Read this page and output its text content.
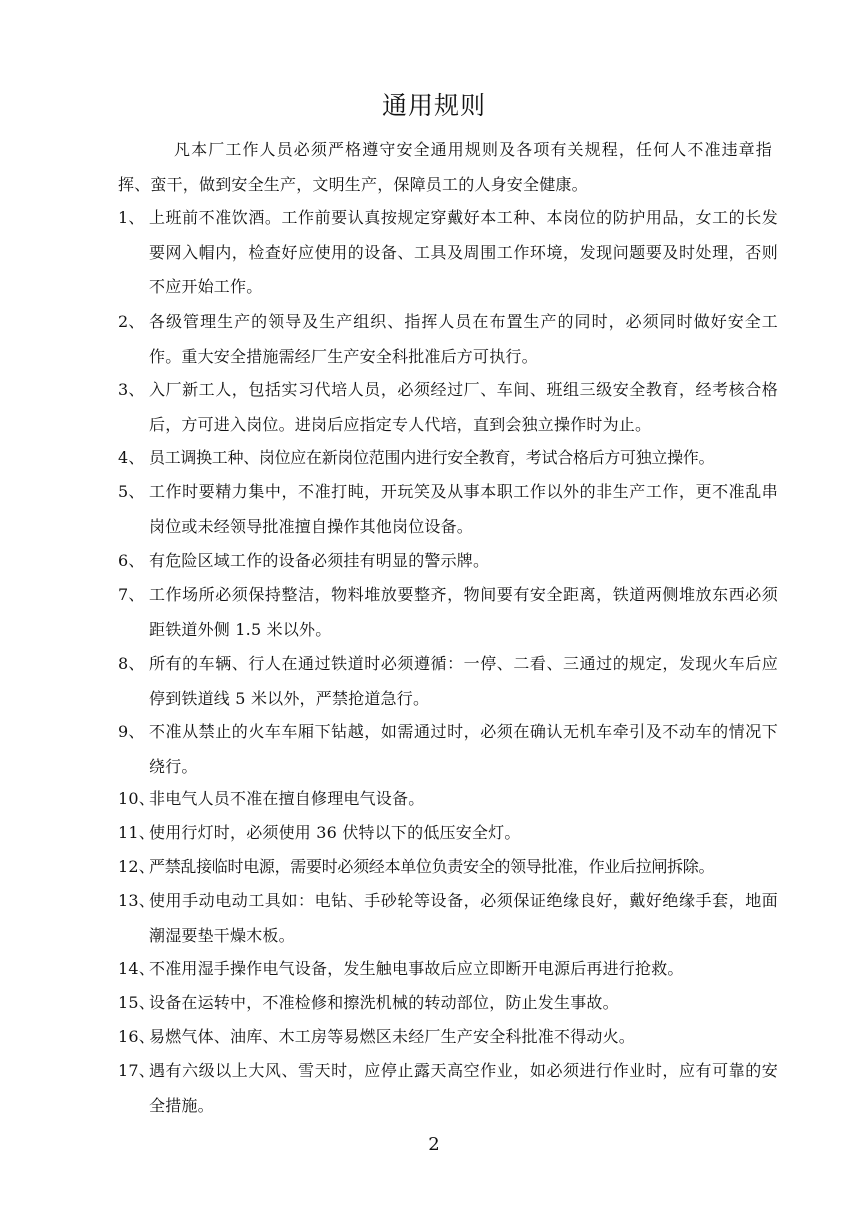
通用规则
凡本厂工作人员必须严格遵守安全通用规则及各项有关规程，任何人不准违章指挥、蛮干，做到安全生产，文明生产，保障员工的人身安全健康。
1、 上班前不准饮酒。工作前要认真按规定穿戴好本工种、本岗位的防护用品，女工的长发要网入帽内，检查好应使用的设备、工具及周围工作环境，发现问题要及时处理，否则不应开始工作。
2、 各级管理生产的领导及生产组织、指挥人员在布置生产的同时，必须同时做好安全工作。重大安全措施需经厂生产安全科批准后方可执行。
3、 入厂新工人，包括实习代培人员，必须经过厂、车间、班组三级安全教育，经考核合格后，方可进入岗位。进岗后应指定专人代培，直到会独立操作时为止。
4、 员工调换工种、岗位应在新岗位范围内进行安全教育，考试合格后方可独立操作。
5、 工作时要精力集中，不准打盹，开玩笑及从事本职工作以外的非生产工作，更不准乱串岗位或未经领导批准擅自操作其他岗位设备。
6、 有危险区域工作的设备必须挂有明显的警示牌。
7、 工作场所必须保持整洁，物料堆放要整齐，物间要有安全距离，铁道两侧堆放东西必须距铁道外侧 1.5 米以外。
8、 所有的车辆、行人在通过铁道时必须遵循：一停、二看、三通过的规定，发现火车后应停到铁道线 5 米以外，严禁抢道急行。
9、 不准从禁止的火车车厢下钻越，如需通过时，必须在确认无机车牵引及不动车的情况下绕行。
10、
非电气人员不准在擅自修理电气设备。
11、
使用行灯时，必须使用 36 伏特以下的低压安全灯。
12、
严禁乱接临时电源，需要时必须经本单位负责安全的领导批准，作业后拉闸拆除。
13、
使用手动电动工具如：电钻、手砂轮等设备，必须保证绝缘良好，戴好绝缘手套，地面潮湿要垫干燥木板。
14、
不准用湿手操作电气设备，发生触电事故后应立即断开电源后再进行抢救。
15、
设备在运转中，不准检修和擦洗机械的转动部位，防止发生事故。
16、
易燃气体、油库、木工房等易燃区未经厂生产安全科批准不得动火。
17、
遇有六级以上大风、雪天时，应停止露天高空作业，如必须进行作业时，应有可靠的安全措施。
2
